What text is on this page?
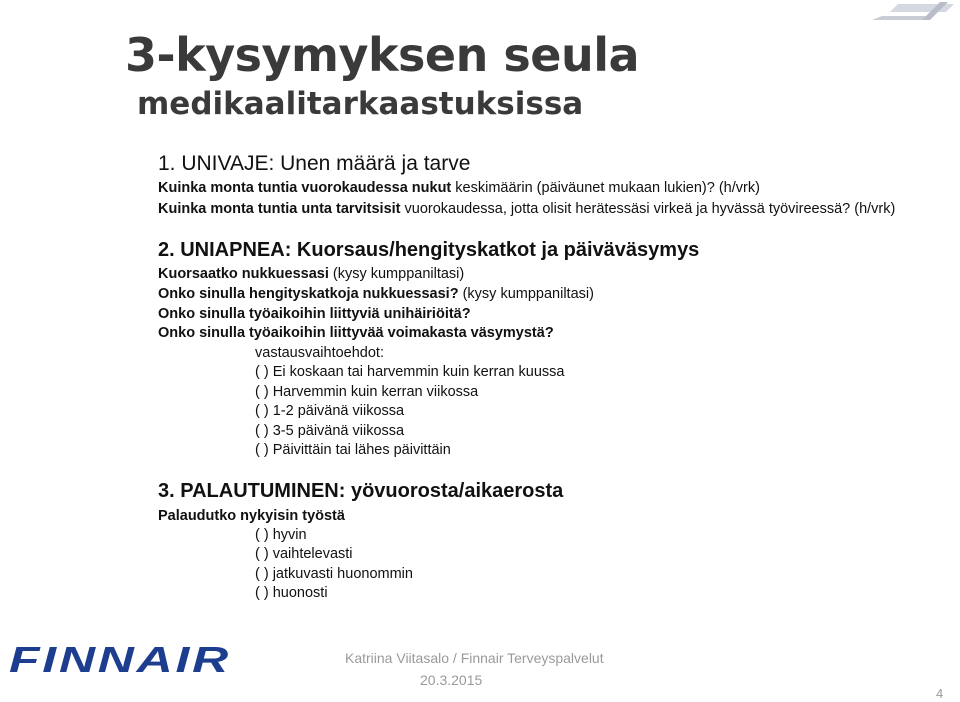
3-kysymyksen seula
medikaalitarkaastuksissa
1. UNIVAJE: Unen määrä ja tarve
Kuinka monta tuntia vuorokaudessa nukut keskimäärin (päiväunet mukaan lukien)? (h/vrk)
Kuinka monta tuntia unta tarvitsisit vuorokaudessa, jotta olisit herätessäsi virkeä ja hyvässä työvireessä? (h/vrk)
2. UNIAPNEA: Kuorsaus/hengityskatkot ja päiväväsymys
Kuorsaatko nukkuessasi (kysy kumppaniltasi)
Onko sinulla hengityskatkoja nukkuessasi? (kysy kumppaniltasi)
Onko sinulla työaikoihin liittyviä unihäiriöitä?
Onko sinulla työaikoihin liittyvää voimakasta väsymystä?
vastausvaihtoehdot:
( ) Ei koskaan tai harvemmin kuin kerran kuussa
( ) Harvemmin kuin kerran viikossa
( ) 1-2 päivänä viikossa
( ) 3-5 päivänä viikossa
( ) Päivittäin tai lähes päivittäin
3. PALAUTUMINEN: yövuorosta/aikaerosta
Palaudutko nykyisin työstä
( ) hyvin
( ) vaihtelevasti
( ) jatkuvasti huonommin
( ) huonosti
FINNAIR	Katriina Viitasalo / Finnair Terveyspalvelut
20.3.2015
4
